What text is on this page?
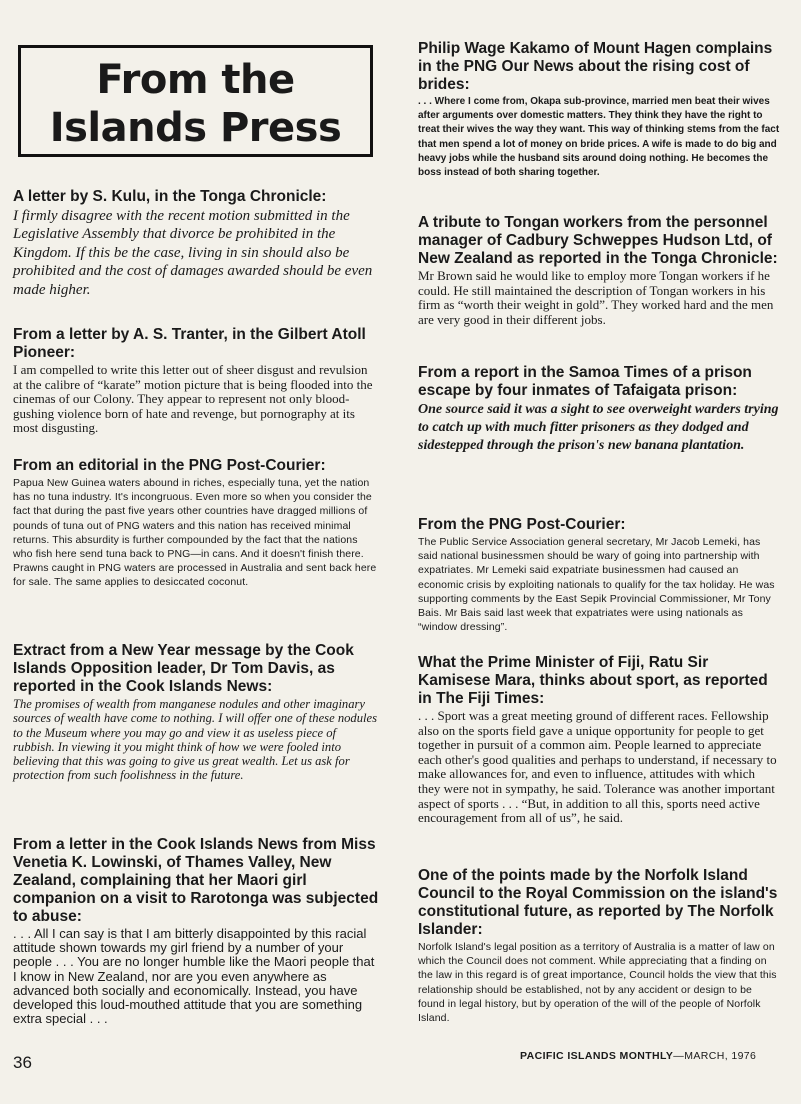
From the
Islands Press

A letter by S. Kulu, in the Tonga Chronicle:

I firmly disagree with the recent motion submitted in the Legislative Assembly that divorce be prohibited in the Kingdom. If this be the case, living in sin should also be prohibited and the cost of damages awarded should be even made higher.

From a letter by A. S. Tranter, in the Gilbert Atoll Pioneer:

I am compelled to write this letter out of sheer disgust and revulsion at the calibre of “karate” motion picture that is being flooded into the cinemas of our Colony. They appear to represent not only blood-gushing violence born of hate and revenge, but pornography at its most disgusting.

From an editorial in the PNG Post-Courier:

Papua New Guinea waters abound in riches, especially tuna, yet the nation has no tuna industry. It's incongruous. Even more so when you consider the fact that during the past five years other countries have dragged millions of pounds of tuna out of PNG waters and this nation has received minimal returns. This absurdity is further compounded by the fact that the nations who fish here send tuna back to PNG—in cans. And it doesn't finish there. Prawns caught in PNG waters are processed in Australia and sent back here for sale. The same applies to desiccated coconut.

Extract from a New Year message by the Cook Islands Opposition leader, Dr Tom Davis, as reported in the Cook Islands News:

The promises of wealth from manganese nodules and other imaginary sources of wealth have come to nothing. I will offer one of these nodules to the Museum where you may go and view it as useless piece of rubbish. In viewing it you might think of how we were fooled into believing that this was going to give us great wealth. Let us ask for protection from such foolishness in the future.

From a letter in the Cook Islands News from Miss Venetia K. Lowinski, of Thames Valley, New Zealand, complaining that her Maori girl companion on a visit to Rarotonga was subjected to abuse:

. . . All I can say is that I am bitterly disappointed by this racial attitude shown towards my girl friend by a number of your people . . . You are no longer humble like the Maori people that I know in New Zealand, nor are you even anywhere as advanced both socially and economically. Instead, you have developed this loud-mouthed attitude that you are something extra special . . .

Philip Wage Kakamo of Mount Hagen complains in the PNG Our News about the rising cost of brides:

. . . Where I come from, Okapa sub-province, married men beat their wives after arguments over domestic matters. They think they have the right to treat their wives the way they want. This way of thinking stems from the fact that men spend a lot of money on bride prices. A wife is made to do big and heavy jobs while the husband sits around doing nothing. He becomes the boss instead of both sharing together.

A tribute to Tongan workers from the personnel manager of Cadbury Schweppes Hudson Ltd, of New Zealand as reported in the Tonga Chronicle:

Mr Brown said he would like to employ more Tongan workers if he could. He still maintained the description of Tongan workers in his firm as “worth their weight in gold”. They worked hard and the men are very good in their different jobs.

From a report in the Samoa Times of a prison escape by four inmates of Tafaigata prison:

One source said it was a sight to see overweight warders trying to catch up with much fitter prisoners as they dodged and sidestepped through the prison's new banana plantation.

From the PNG Post-Courier:

The Public Service Association general secretary, Mr Jacob Lemeki, has said national businessmen should be wary of going into partnership with expatriates. Mr Lemeki said expatriate businessmen had caused an economic crisis by exploiting nationals to qualify for the tax holiday. He was supporting comments by the East Sepik Provincial Commissioner, Mr Tony Bais. Mr Bais said last week that expatriates were using nationals as “window dressing”.

What the Prime Minister of Fiji, Ratu Sir Kamisese Mara, thinks about sport, as reported in The Fiji Times:

. . . Sport was a great meeting ground of different races. Fellowship also on the sports field gave a unique opportunity for people to get together in pursuit of a common aim. People learned to appreciate each other's good qualities and perhaps to understand, if necessary to make allowances for, and even to influence, attitudes with which they were not in sympathy, he said. Tolerance was another important aspect of sports . . . “But, in addition to all this, sports need active encouragement from all of us”, he said.

One of the points made by the Norfolk Island Council to the Royal Commission on the island's constitutional future, as reported by The Norfolk Islander:

Norfolk Island's legal position as a territory of Australia is a matter of law on which the Council does not comment. While appreciating that a finding on the law in this regard is of great importance, Council holds the view that this relationship should be established, not by any accident or design to be found in legal history, but by operation of the will of the people of Norfolk Island.

36	PACIFIC ISLANDS MONTHLY—MARCH, 1976
